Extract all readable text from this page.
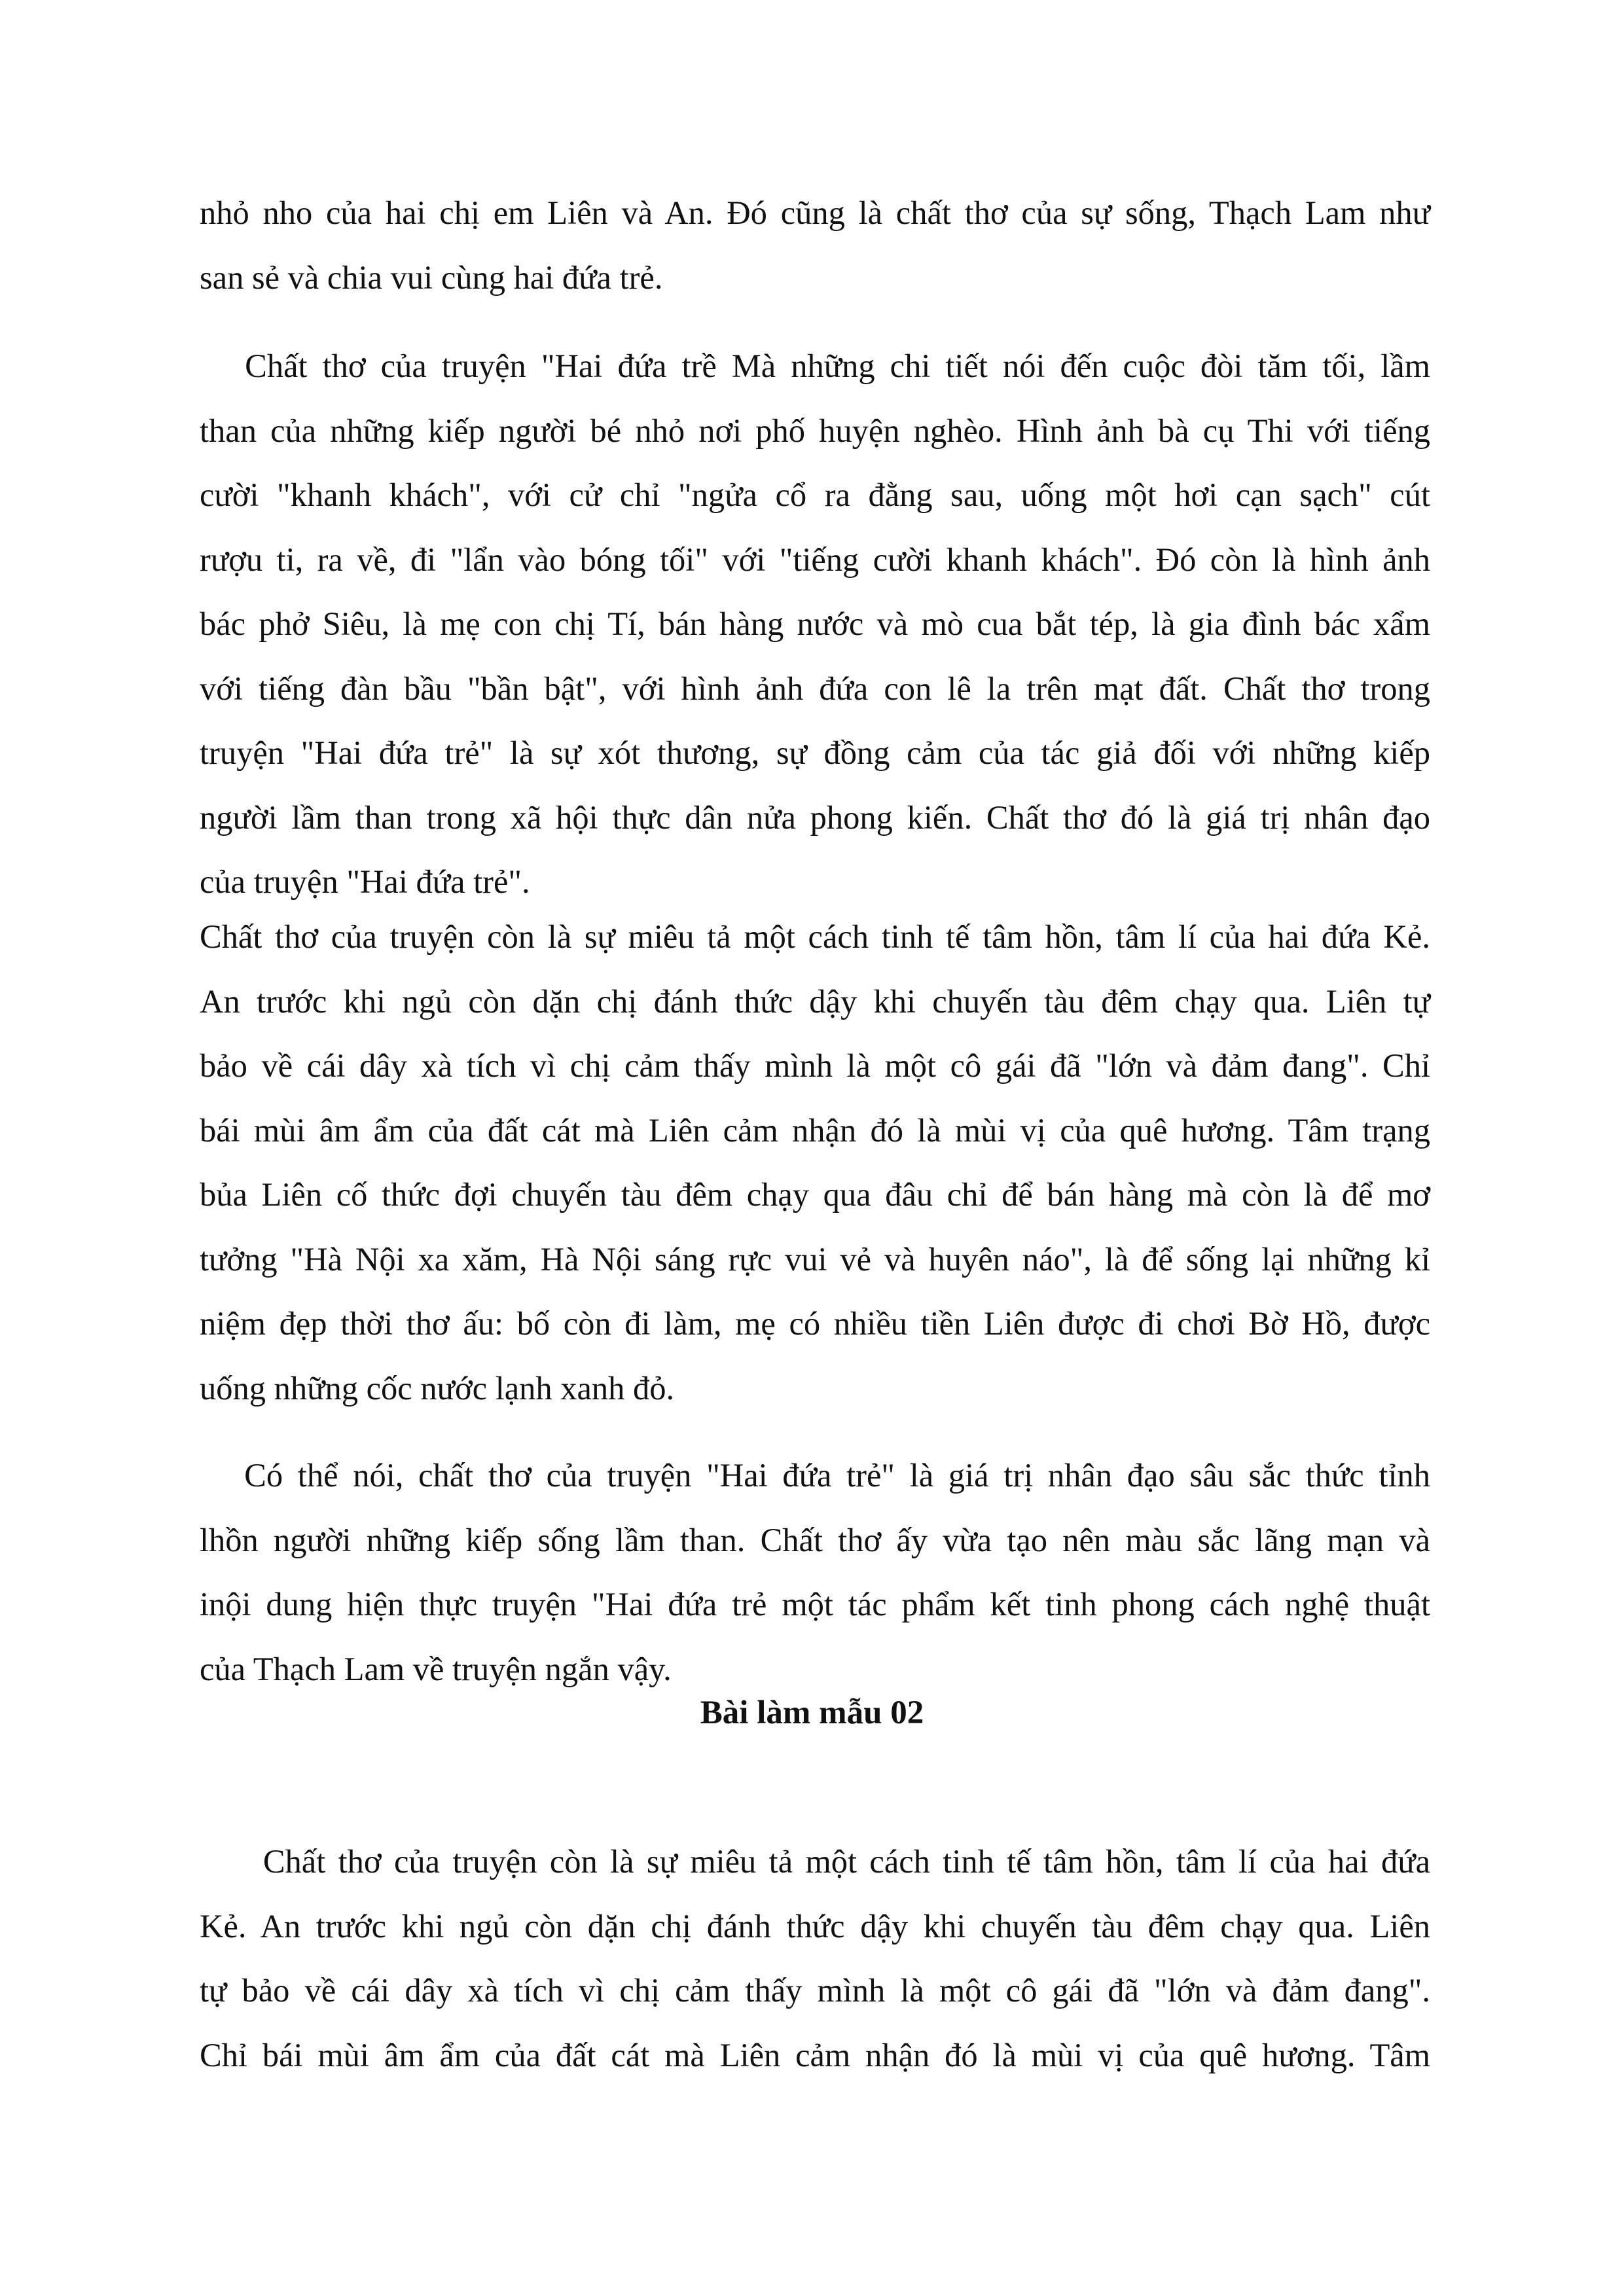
nhỏ nho của hai chị em Liên và An. Đó cũng là chất thơ của sự sống, Thạch Lam như
san sẻ và chia vui cùng hai đứa trẻ.

Chất thơ của truyện "Hai đứa trề Mà những chi tiết nói đến cuộc đòi tăm tối, lầm
than của những kiếp người bé nhỏ nơi phố huyện nghèo. Hình ảnh bà cụ Thi với tiếng
cười "khanh khách", với cử chỉ "ngửa cổ ra đằng sau, uống một hơi cạn sạch" cút
rượu ti, ra về, đi "lẩn vào bóng tối" với "tiếng cười khanh khách". Đó còn là hình ảnh
bác phở Siêu, là mẹ con chị Tí, bán hàng nước và mò cua bắt tép, là gia đình bác xẩm
với tiếng đàn bầu "bần bật", với hình ảnh đứa con lê la trên mạt đất. Chất thơ trong
truyện "Hai đứa trẻ" là sự xót thương, sự đồng cảm của tác giả đối với những kiếp
người lầm than trong xã hội thực dân nửa phong kiến. Chất thơ đó là giá trị nhân đạo
của truyện "Hai đứa trẻ".

Chất thơ của truyện còn là sự miêu tả một cách tinh tế tâm hồn, tâm lí của hai đứa Kẻ.
An trước khi ngủ còn dặn chị đánh thức dậy khi chuyến tàu đêm chạy qua. Liên tự
bảo về cái dây xà tích vì chị cảm thấy mình là một cô gái đã "lớn và đảm đang". Chỉ
bái mùi âm ẩm của đất cát mà Liên cảm nhận đó là mùi vị của quê hương. Tâm trạng
bủa Liên cố thức đợi chuyến tàu đêm chạy qua đâu chỉ để bán hàng mà còn là để mơ
tưởng "Hà Nội xa xăm, Hà Nội sáng rực vui vẻ và huyên náo", là để sống lại những kỉ
niệm đẹp thời thơ ấu: bố còn đi làm, mẹ có nhiều tiền Liên được đi chơi Bờ Hồ, được
uống những cốc nước lạnh xanh đỏ.

Có thể nói, chất thơ của truyện "Hai đứa trẻ" là giá trị nhân đạo sâu sắc thức tỉnh
lhồn người những kiếp sống lầm than. Chất thơ ấy vừa tạo nên màu sắc lãng mạn và
inội dung hiện thực truyện "Hai đứa trẻ một tác phẩm kết tinh phong cách nghệ thuật
của Thạch Lam về truyện ngắn vậy.

Bài làm mẫu 02

Chất thơ của truyện còn là sự miêu tả một cách tinh tế tâm hồn, tâm lí của hai đứa
Kẻ. An trước khi ngủ còn dặn chị đánh thức dậy khi chuyến tàu đêm chạy qua. Liên
tự bảo về cái dây xà tích vì chị cảm thấy mình là một cô gái đã "lớn và đảm đang".
Chỉ bái mùi âm ẩm của đất cát mà Liên cảm nhận đó là mùi vị của quê hương. Tâm
